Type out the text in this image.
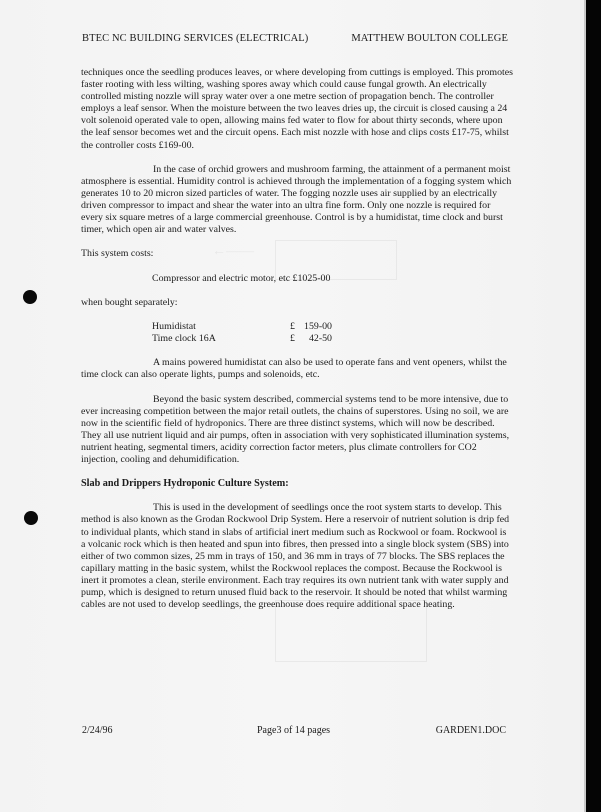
←——
BTEC NC BUILDING SERVICES (ELECTRICAL)	MATTHEW BOULTON COLLEGE

techniques once the seedling produces leaves, or where developing from cuttings is employed. This promotes faster rooting with less wilting, washing spores away which could cause fungal growth. An electrically controlled misting nozzle will spray water over a one metre section of propagation bench. The controller employs a leaf sensor. When the moisture between the two leaves dries up, the circuit is closed causing a 24 volt solenoid operated vale to open, allowing mains fed water to flow for about thirty seconds, where upon the leaf sensor becomes wet and the circuit opens. Each mist nozzle with hose and clips costs £17-75, whilst the controller costs £169-00.

In the case of orchid growers and mushroom farming, the attainment of a permanent moist atmosphere is essential. Humidity control is achieved through the implementation of a fogging system which generates 10 to 20 micron sized particles of water. The fogging nozzle uses air supplied by an electrically driven compressor to impact and shear the water into an ultra fine form. Only one nozzle is required for every six square metres of a large commercial greenhouse. Control is by a humidistat, time clock and burst timer, which open air and water valves.

This system costs:

Compressor and electric motor, etc £1025-00

when bought separately:

Humidistat	£ 159-00
Time clock 16A	£	42-50

A mains powered humidistat can also be used to operate fans and vent openers, whilst the time clock can also operate lights, pumps and solenoids, etc.

Beyond the basic system described, commercial systems tend to be more intensive, due to ever increasing competition between the major retail outlets, the chains of superstores. Using no soil, we are now in the scientific field of hydroponics. There are three distinct systems, which will now be described. They all use nutrient liquid and air pumps, often in association with very sophisticated illumination systems, nutrient heating, segmental timers, acidity correction factor meters, plus climate controllers for CO2 injection, cooling and dehumidification.

Slab and Drippers Hydroponic Culture System:

This is used in the development of seedlings once the root system starts to develop. This method is also known as the Grodan Rockwool Drip System. Here a reservoir of nutrient solution is drip fed to individual plants, which stand in slabs of artificial inert medium such as Rockwool or foam. Rockwool is a volcanic rock which is then heated and spun into fibres, then pressed into a single block system (SBS) into either of two common sizes, 25 mm in trays of 150, and 36 mm in trays of 77 blocks. The SBS replaces the capillary matting in the basic system, whilst the Rockwool replaces the compost. Because the Rockwool is inert it promotes a clean, sterile environment. Each tray requires its own nutrient tank with water supply and pump, which is designed to return unused fluid back to the reservoir. It should be noted that whilst warming cables are not used to develop seedlings, the greenhouse does require additional space heating.

2/24/96	Page3 of 14 pages	GARDEN1.DOC
